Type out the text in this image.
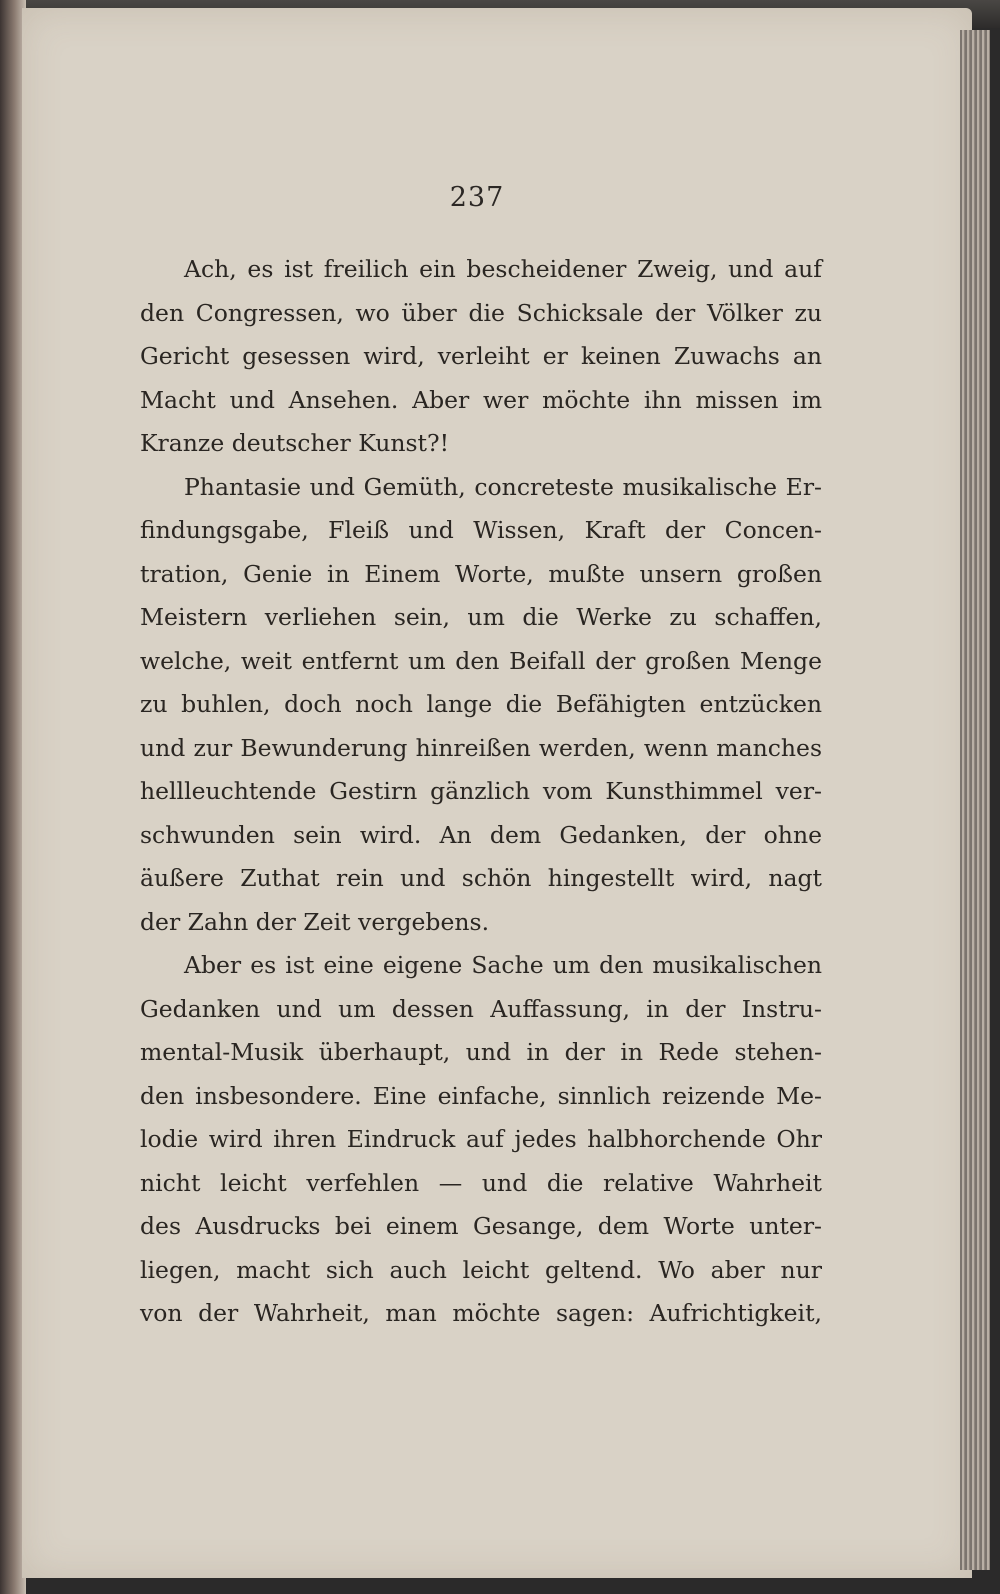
237
Ach, es ist freilich ein bescheidener Zweig, und auf
den Congressen, wo über die Schicksale der Völker zu
Gericht gesessen wird, verleiht er keinen Zuwachs an
Macht und Ansehen. Aber wer möchte ihn missen im
Kranze deutscher Kunst?!
Phantasie und Gemüth, concreteste musikalische Er-
findungsgabe, Fleiß und Wissen, Kraft der Concen-
tration, Genie in Einem Worte, mußte unsern großen
Meistern verliehen sein, um die Werke zu schaffen,
welche, weit entfernt um den Beifall der großen Menge
zu buhlen, doch noch lange die Befähigten entzücken
und zur Bewunderung hinreißen werden, wenn manches
hellleuchtende Gestirn gänzlich vom Kunsthimmel ver-
schwunden sein wird. An dem Gedanken, der ohne
äußere Zuthat rein und schön hingestellt wird, nagt
der Zahn der Zeit vergebens.
Aber es ist eine eigene Sache um den musikalischen
Gedanken und um dessen Auffassung, in der Instru-
mental-Musik überhaupt, und in der in Rede stehen-
den insbesondere. Eine einfache, sinnlich reizende Me-
lodie wird ihren Eindruck auf jedes halbhorchende Ohr
nicht leicht verfehlen — und die relative Wahrheit
des Ausdrucks bei einem Gesange, dem Worte unter-
liegen, macht sich auch leicht geltend. Wo aber nur
von der Wahrheit, man möchte sagen: Aufrichtigkeit,
